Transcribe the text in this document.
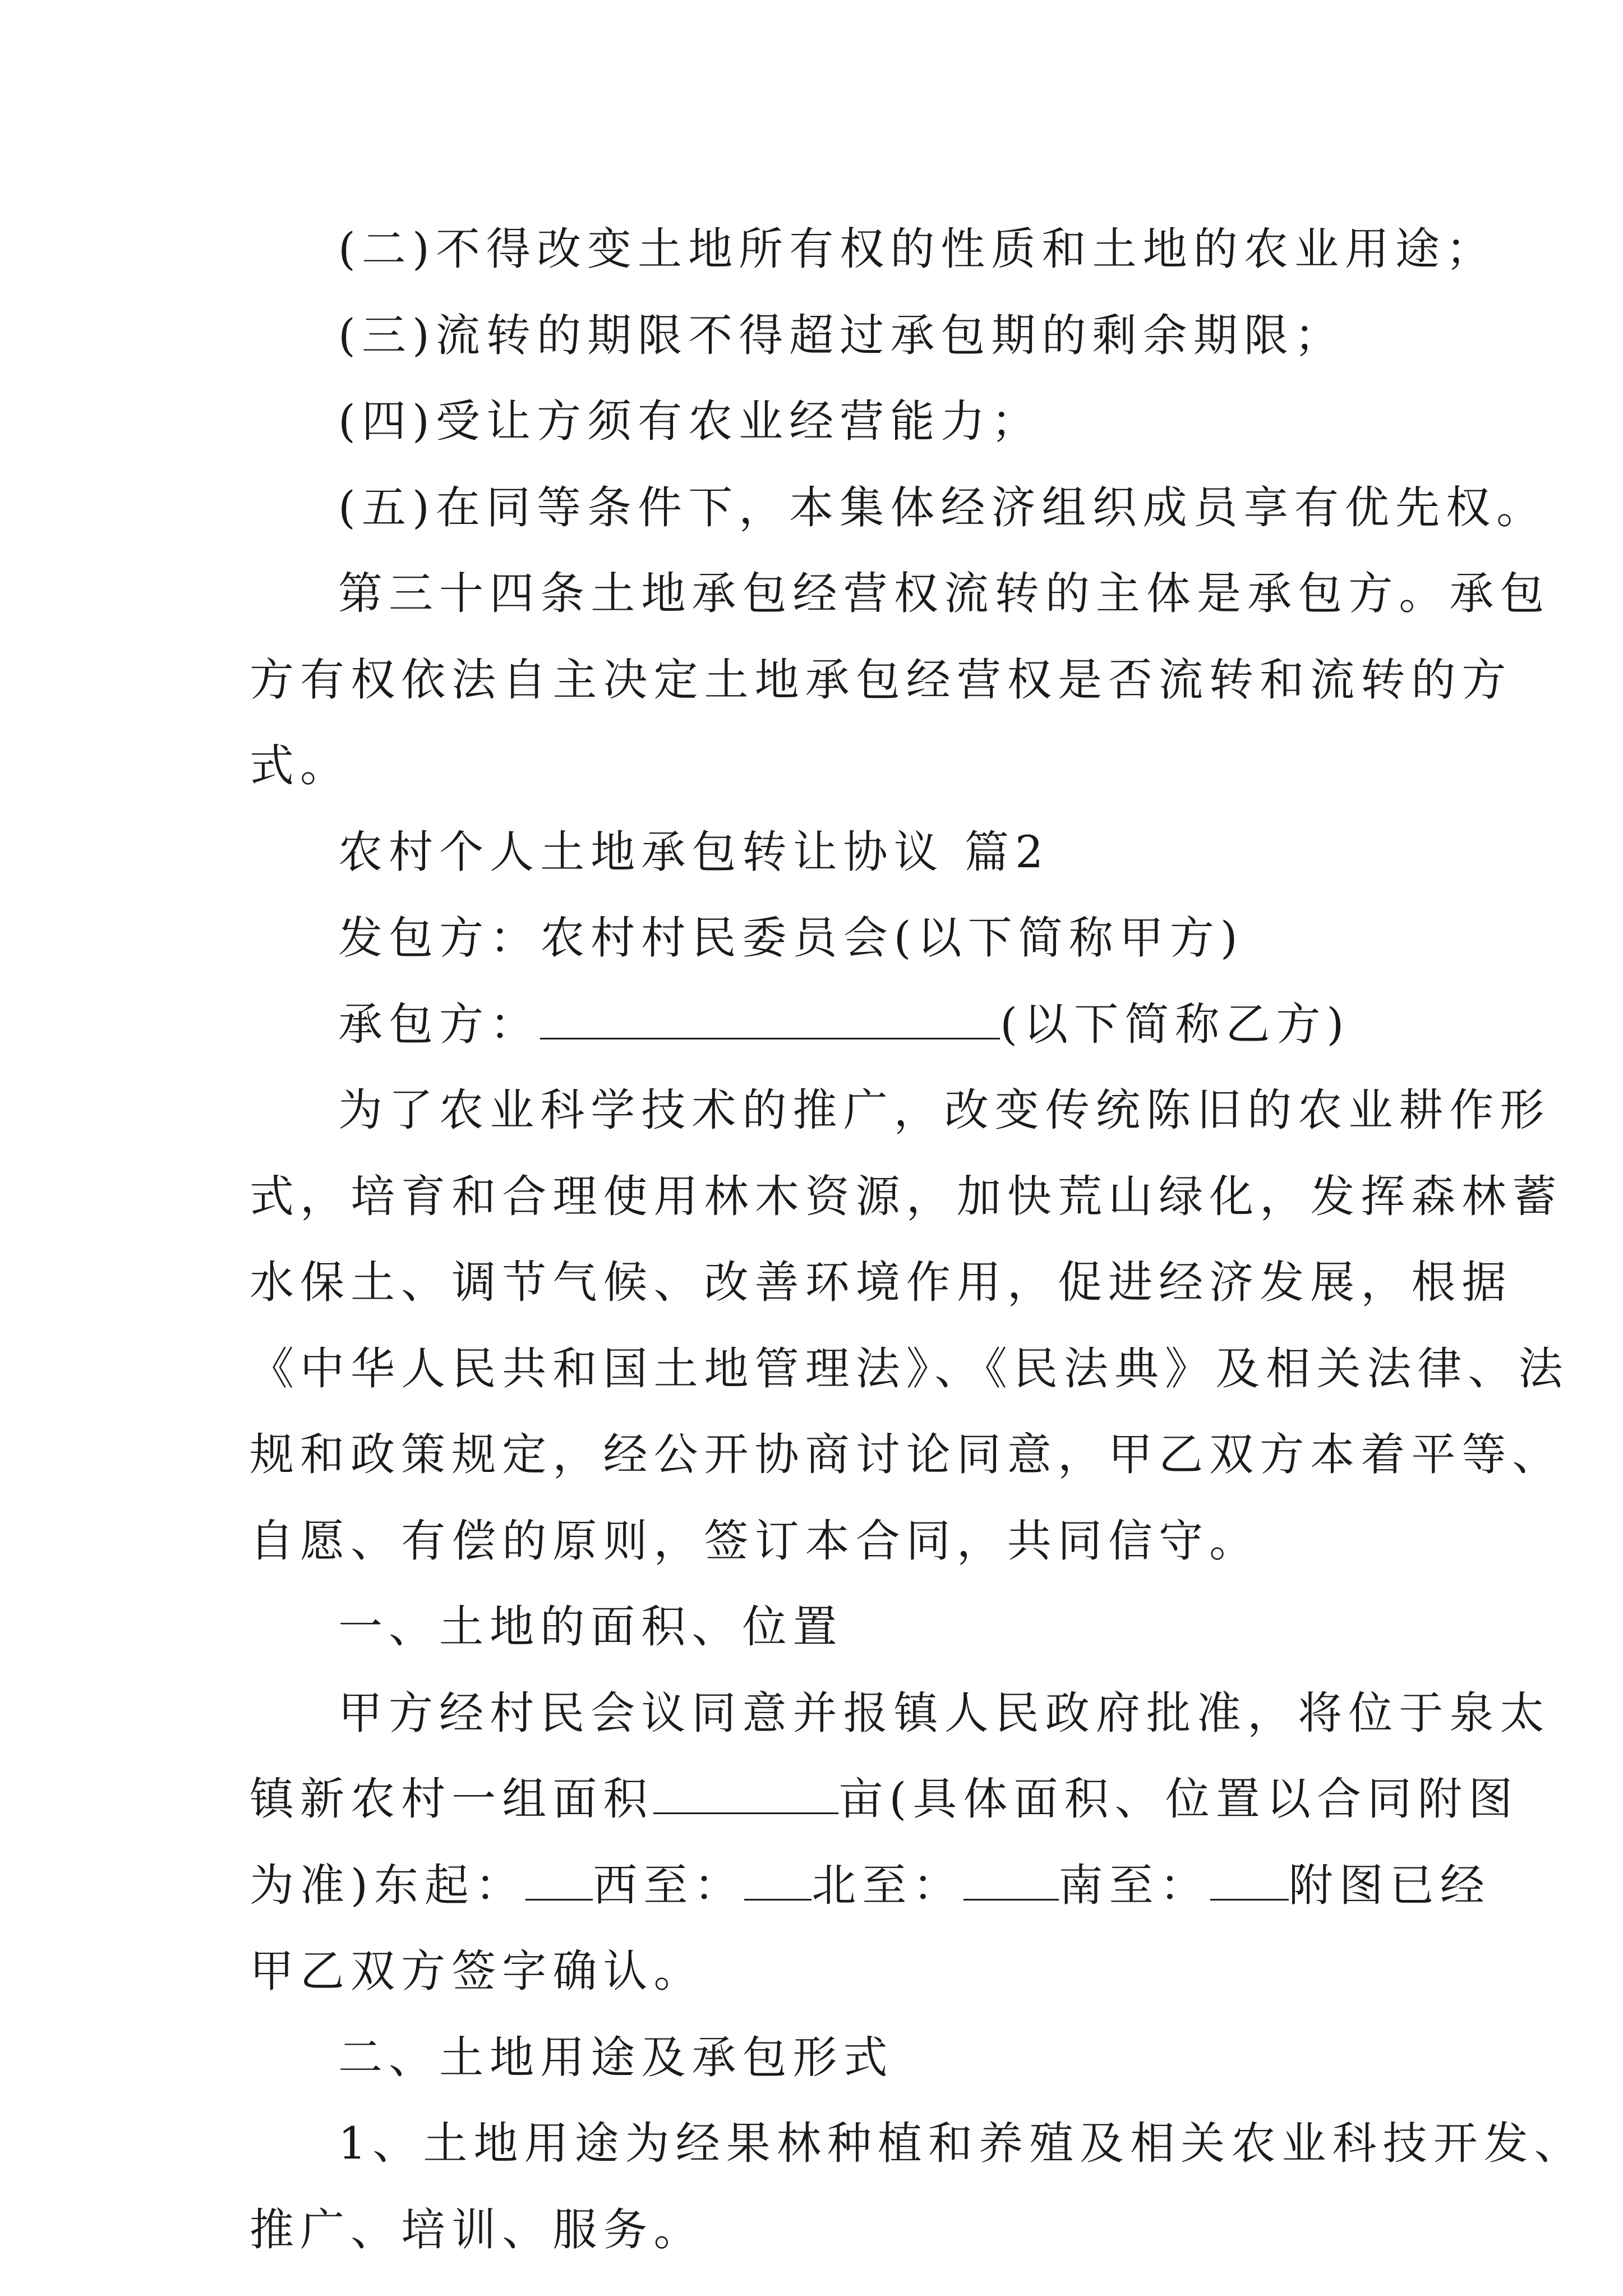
(二)不得改变土地所有权的性质和土地的农业用途；
(三)流转的期限不得超过承包期的剩余期限；
(四)受让方须有农业经营能力；
(五)在同等条件下，本集体经济组织成员享有优先权。
第三十四条土地承包经营权流转的主体是承包方。承包
方有权依法自主决定土地承包经营权是否流转和流转的方
式。
农村个人土地承包转让协议 篇2
发包方：农村村民委员会(以下简称甲方)
承包方：	(以下简称乙方)
为了农业科学技术的推广，改变传统陈旧的农业耕作形
式，培育和合理使用林木资源，加快荒山绿化，发挥森林蓄
水保土、调节气候、改善环境作用，促进经济发展，根据
《中华人民共和国土地管理法》、《民法典》及相关法律、法
规和政策规定，经公开协商讨论同意，甲乙双方本着平等、
自愿、有偿的原则，签订本合同，共同信守。
一、土地的面积、位置
甲方经村民会议同意并报镇人民政府批准，将位于泉太
镇新农村一组面积	亩(具体面积、位置以合同附图
为准)东起： 西至： 北至： 南至： 附图已经
甲乙双方签字确认。
二、土地用途及承包形式
1、土地用途为经果林种植和养殖及相关农业科技开发、
推广、培训、服务。
